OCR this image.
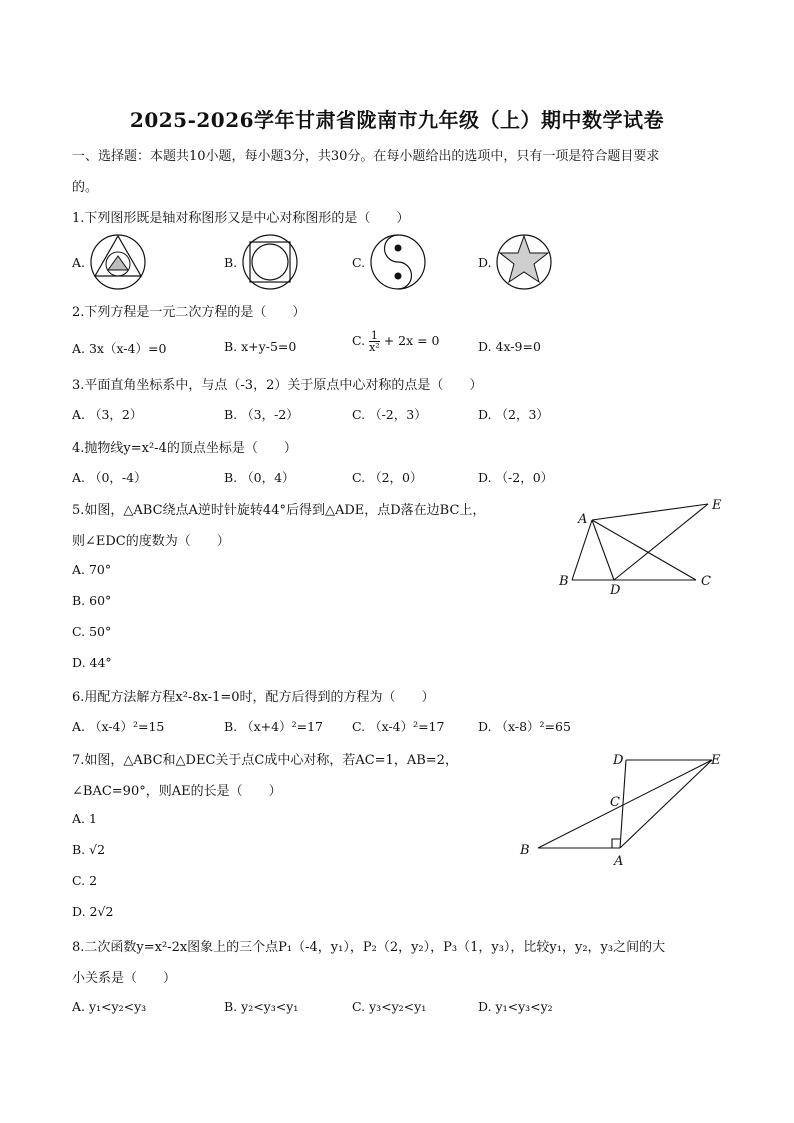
2025-2026学年甘肃省陇南市九年级（上）期中数学试卷
一、选择题：本题共10小题，每小题3分，共30分。在每小题给出的选项中，只有一项是符合题目要求
的。
1.下列图形既是轴对称图形又是中心对称图形的是（　　）
A.	B.	C.	D.
2.下列方程是一元二次方程的是（　　）
A. 3x（x-4）=0	B. x+y-5=0	C. $\frac{1}{\text{x²}} + 2x = 0$	D. 4x-9=0
3.平面直角坐标系中，与点（-3，2）关于原点中心对称的点是（　　）
A. （3，2）	B. （3，-2）	C. （-2，3）	D. （2，3）
4.抛物线y=x²-4的顶点坐标是（　　）
A. （0，-4）	B. （0，4）	C. （2，0）	D. （-2，0）
5.如图，△ABC绕点A逆时针旋转44°后得到△ADE，点D落在边BC上，
则∠EDC的度数为（　　）
A. 70°
B. 60°
C. 50°
D. 44°
A
E
B
D
C
6.用配方法解方程x²-8x-1=0时，配方后得到的方程为（　　）
A. （x-4）²=15	B. （x+4）²=17 C. （x-4）²=17	D. （x-8）²=65
7.如图，△ABC和△DEC关于点C成中心对称，若AC=1，AB=2，
∠BAC=90°，则AE的长是（　　）
A. 1
B. √2
C. 2
D. 2√2
D	E
C
B
A
8.二次函数y=x²-2x图象上的三个点P₁（-4，y₁），P₂（2，y₂），P₃（1，y₃），比较y₁，y₂，y₃之间的大
小关系是（　　）
A. y₁<y₂<y₃	B. y₂<y₃<y₁	C. y₃<y₂<y₁	D. y₁<y₃<y₂
